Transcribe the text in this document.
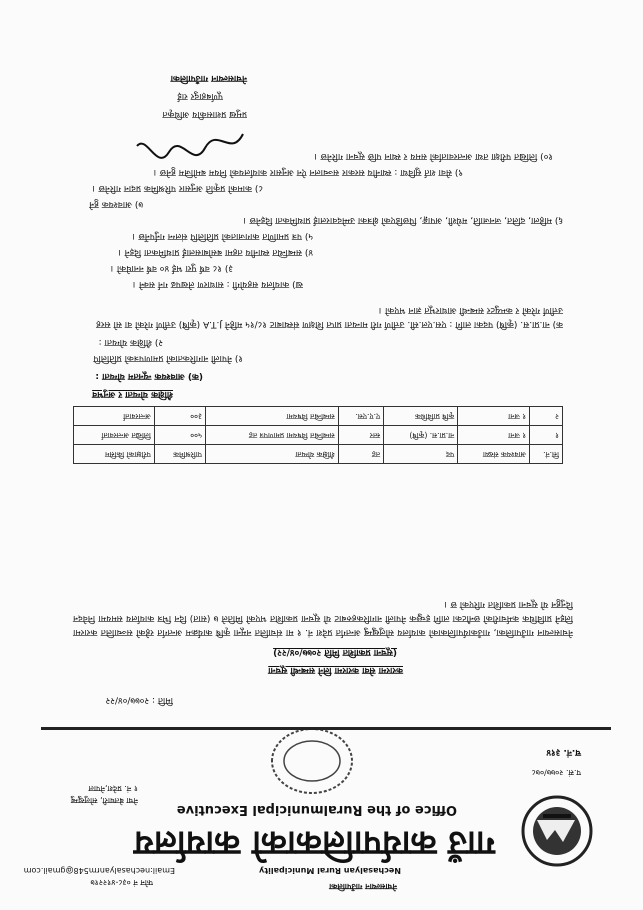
नेचासल्यान गाउँपालिका
फोन नं ०३८-४१२२१७
Email:nechasalyanrm548@gmail.com	Nechasalyan Rural Municipality
गाउँ कार्यपालिकाको कार्यालय
Office of the Ruralmunicipal Executive
नेचा बेतघारी, सोलुखुम्बु
१ नं. प्रदेश,नेपाल
प.सं. २०७७/०७८
च.नं. ३१४
मिति : २०७७/०४/२२
करारमा सेवा करारमा लिने सम्बन्धी सूचना
(सूचना प्रकाशित मिति २०७७/०४/२२)
नेचासल्यान गाउँपालिका, गाउँकार्यपालिकाको कार्यालय सोलुखुम्बु अन्तर्गत प्रदेश नं. १ मा संचालित नमूना कृषि कार्यक्रम अन्तर्गत रहेको सञ्चालित करारमा लिइने प्राविधिक कर्मचारीको छनौटका लागि इच्छुक नेपाली नागरिकहरुबाट यो सूचना प्रकाशित भएको मितिले ७ (सात) दिन भित्र कार्यालय समयमा निवेदन दिनुहुन यो सूचना प्रकाशित गरिएको छ ।
सि.नं.	आवश्यक संख्या	पद	तह	शैक्षिक योग्यता	पारिश्रमिक	परीक्षाको किसिम
१	१ जना	ना.प्रा.स. (कृषि)	स्तर	सम्बन्धित विषयमा प्रमाणपत्र तह	५००	लिखित अन्तरवार्ता
२	१ जना	कृषि प्राविधिक	ए.ए.एस.	सम्बन्धित विषयमा	३००	अन्तरवार्ता
शैक्षिक योग्यता र अनुभव
(क) आवश्यक न्यूनतम योग्यता :
१) नेपाली नागरिकताको प्रमाणपत्रको प्रतिलिपि
२) शैक्षिक योग्यता :
क) ना.प्रा.स. (कृषि) पदका लागि : एस.एल.सी. उत्तीर्ण गरी मान्यता प्राप्त शिक्षण संस्थाबाट १८/१५ महिने J.T.A (कृषि) उत्तीर्ण गरेको वा सो सरह उत्तीर्ण गरेको र कम्प्युटर सम्बन्धी आधारभूत ज्ञान भएको ।
ख) कार्यालय सहयोगी : साधारण लेखपढ गर्न सक्ने ।
३) १८ वर्ष पुरा भई ४० वर्ष ननाघेको ।
४) सम्बन्धित स्थानीय तहमा बसोबासलाई प्राथमिकता दिइने ।
५) पत्र प्रमाणित कागजातको प्रतिलिपि संलग्न गर्नुपर्नेछ ।
६) महिला, दलित, जनजाति, मधेशी, अपाङ्ग, पिछडिएको क्षेत्रका उम्मेदवारलाई प्राथमिकता दिइनेछ ।
७) आवश्यक हुने
८) कामको प्रकृति अनुसार परिश्रमिक प्रदान गरिनेछ ।
९) सेवा शर्त सुविधा : स्थानीय सरकार सञ्चालन ऐन अनुसार कार्यालयको नियम बमोजिम हुनेछ ।
१०) लिखित परीक्षा तथा अन्तरवार्ताको समय र स्थान पछि सूचना गरिनेछ ।
प्रमुख प्रशासकीय अधिकृत
पूर्णबहादुर राई
नेचासल्यान गाउँपालिका
